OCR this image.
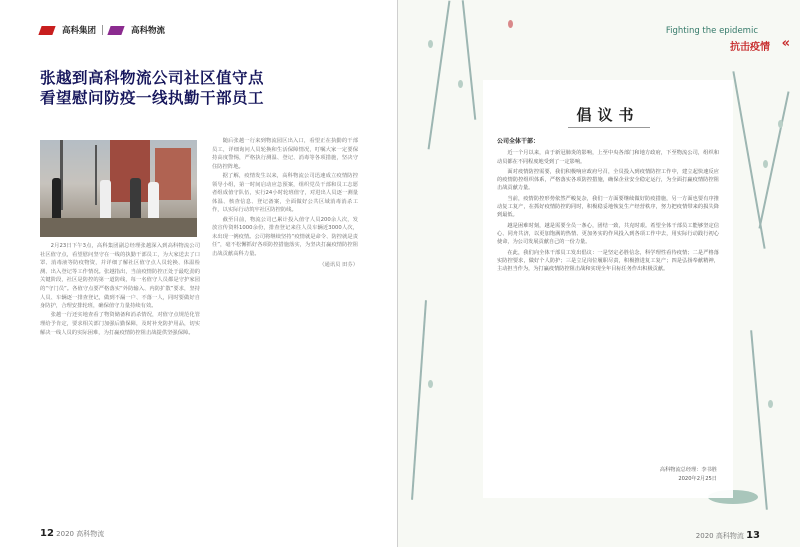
高科集团	高科物流
张越到高科物流公司社区值守点
看望慰问防疫一线执勤干部员工

2月23日下午3点，高科集团副总经理张越深入到高科物流公司社区值守点，看望慰问坚守在一线的执勤干部员工，为大家送去了口罩、消毒液等防疫物资，并详细了解社区值守点人员轮换、体温检测、出入登记等工作情况。张越指出，当前疫情防控正处于最吃劲的关键阶段，社区是防控的第一道防线，每一名值守人员都是守护家园的“守门员”。各值守点要严格落实“外防输入、内防扩散”要求，坚持人员、车辆逐一排查登记，做到不漏一户、不落一人，同时要做好自身防护，合理安排轮班，确保值守力量持续有效。

张越一行还实地查看了物资储备和消杀情况，对值守点规范化管理给予肯定，要求相关部门加强后勤保障，及时补充防护用品，切实解决一线人员的实际困难，为打赢疫情防控阻击战提供坚强保障。

随后张越一行来到物流园区出入口，看望正在执勤的干部员工，详细询问人员轮换和生活保障情况，叮嘱大家一定要保持高度警惕，严格执行测温、登记、消毒等各项措施，坚决守住防控阵地。

据了解，疫情发生以来，高科物流公司迅速成立疫情防控领导小组，第一时间启动应急预案，组织党员干部和员工志愿者组成值守队伍，实行24小时轮班值守，对进出人员逐一测量体温、核查信息、登记备案，全面做好公共区域消毒消杀工作，以实际行动筑牢社区防控防线。

截至目前，物流公司已累计投入值守人员200余人次，发放宣传资料1000余份，排查登记来往人员车辆近3000人次，未出现一例疫情。公司将继续坚持“疫情就是命令、防控就是责任”，毫不松懈抓好各项防控措施落实，为坚决打赢疫情防控阻击战贡献高科力量。

（通讯员 田芬）

12 2020 高科物流
Fighting the epidemic
抗击疫情 «
倡议书

公司全体干部：

近一个月以来，由于新冠肺炎的影响，上至中央各部门和地方政府，下至物流公司，组织和动员都在不同程度地受到了一定影响。

面对疫情防控需要，我们积极响应政府号召，全员投入到疫情防控工作中，建立起快速反应的疫情防控组织体系，严格落实各项防控措施，确保企业安全稳定运行，为全面打赢疫情防控阻击战贡献力量。

当前，疫情防控形势依然严峻复杂，我们一方面要继续做好防疫措施，另一方面也要有序推动复工复产，在抓好疫情防控的同时，积极稳妥地恢复生产经营秩序，努力把疫情带来的损失降到最低。

越是困难时刻，越是需要全员一条心，团结一致，共克时艰。希望全体干部员工能够坚定信心、同舟共济，以更加饱满的热情、更加务实的作风投入到各项工作中去，用实际行动践行初心使命，为公司发展贡献自己的一份力量。

在此，我们向全体干部员工发出倡议：一是坚定必胜信念，科学理性看待疫情；二是严格落实防控要求，做好个人防护；三是立足岗位履职尽责，积极推进复工复产；四是弘扬奉献精神，主动担当作为，为打赢疫情防控阻击战和实现全年目标任务作出积极贡献。

高科物流总经理：李书胜
2020年2月25日
2020 高科物流 13
